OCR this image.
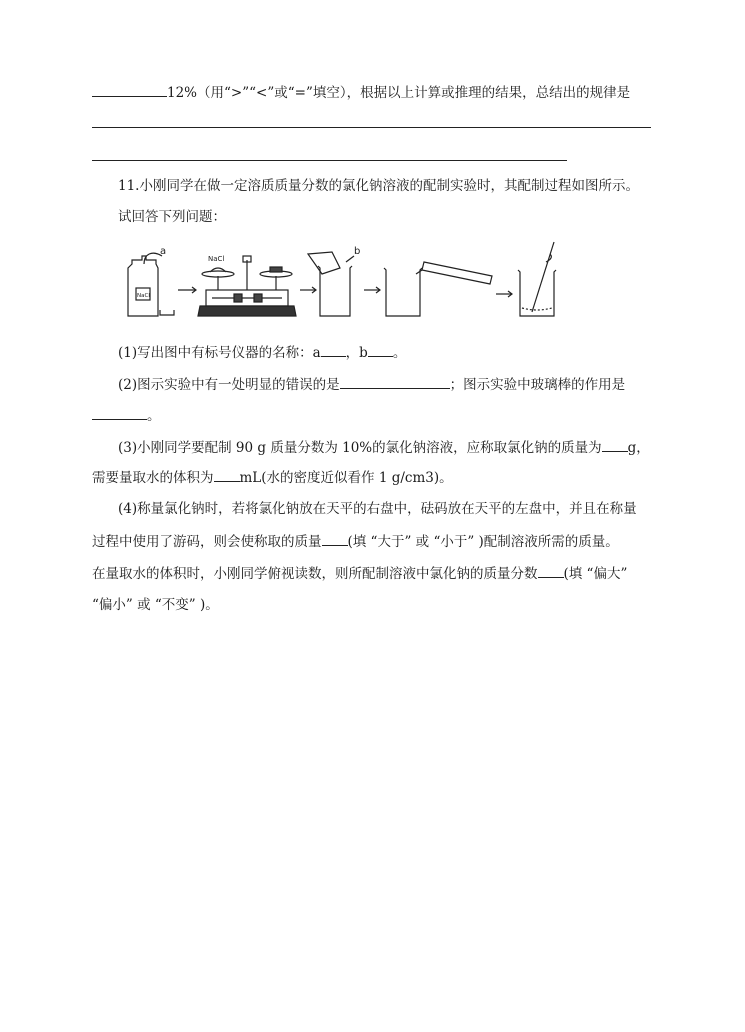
12%（用“>”“<”或“=”填空），根据以上计算或推理的结果，总结出的规律是
11.小刚同学在做一定溶质质量分数的氯化钠溶液的配制实验时，其配制过程如图所示。
试回答下列问题：
a
NaCl
NaCl
b
(1)写出图中有标号仪器的名称：a ，b 。
(2)图示实验中有一处明显的错误的是	；图示实验中玻璃棒的作用是
。
(3)小刚同学要配制 90 g 质量分数为 10%的氯化钠溶液，应称取氯化钠的质量为 g，
需要量取水的体积为 mL(水的密度近似看作 1 g/cm3)。
(4)称量氯化钠时，若将氯化钠放在天平的右盘中，砝码放在天平的左盘中，并且在称量
过程中使用了游码，则会使称取的质量 (填 “大于” 或 “小于” )配制溶液所需的质量。
在量取水的体积时，小刚同学俯视读数，则所配制溶液中氯化钠的质量分数 (填 “偏大”
“偏小” 或 “不变” )。
